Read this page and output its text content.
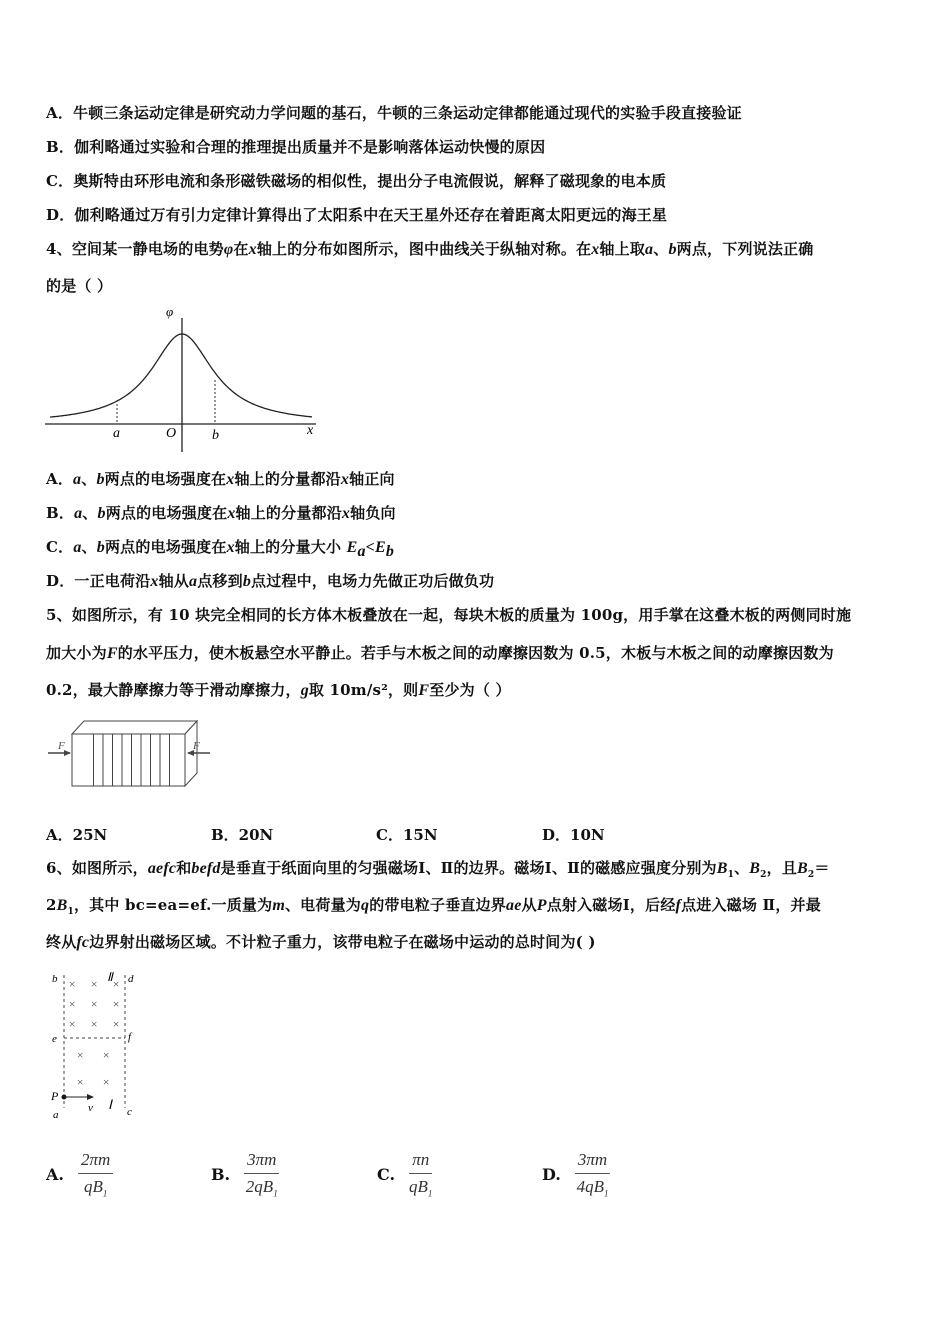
A．牛顿三条运动定律是研究动力学问题的基石，牛顿的三条运动定律都能通过现代的实验手段直接验证
B．伽利略通过实验和合理的推理提出质量并不是影响落体运动快慢的原因
C．奥斯特由环形电流和条形磁铁磁场的相似性，提出分子电流假说，解释了磁现象的电本质
D．伽利略通过万有引力定律计算得出了太阳系中在天王星外还存在着距离太阳更远的海王星
4、空间某一静电场的电势φ在x轴上的分布如图所示，图中曲线关于纵轴对称。在x轴上取a、b两点，下列说法正确
的是（ ）
A．a、b两点的电场强度在x轴上的分量都沿x轴正向
B．a、b两点的电场强度在x轴上的分量都沿x轴负向
C．a、b两点的电场强度在x轴上的分量大小 $E_a<E_b$
D．一正电荷沿x轴从a点移到b点过程中，电场力先做正功后做负功
5、如图所示，有 10 块完全相同的长方体木板叠放在一起，每块木板的质量为 100g，用手掌在这叠木板的两侧同时施
加大小为F的水平压力，使木板悬空水平静止。若手与木板之间的动摩擦因数为 0.5，木板与木板之间的动摩擦因数为
0.2，最大静摩擦力等于滑动摩擦力，g取 10m/s²，则F至少为（ ）
6、如图所示，aefc和befd是垂直于纸面向里的匀强磁场Ⅰ、Ⅱ的边界。磁场Ⅰ、Ⅱ的磁感应强度分别为$B_1$、$B_2$，且$B_2=$
$2B_1$，其中 bc=ea=ef.一质量为m、电荷量为q的带电粒子垂直边界ae从P点射入磁场Ⅰ，后经f点进入磁场 Ⅱ，并最
终从fc边界射出磁场区域。不计粒子重力，该带电粒子在磁场中运动的总时间为( )
φ
a	O	b	x
F	F
× × ×
× × ×
× × ×
× ×
× ×
b	Ⅱ d
e	f
P
v Ⅰ
a	c
A．25N	B．20N	C．15N	D．10N
A. $\frac{2\pi m}{qB_1}$	B. $\frac{3\pi m}{2qB_1}$	C. $\frac{\pi n}{qB_1}$	D. $\frac{3\pi m}{4qB_1}$
